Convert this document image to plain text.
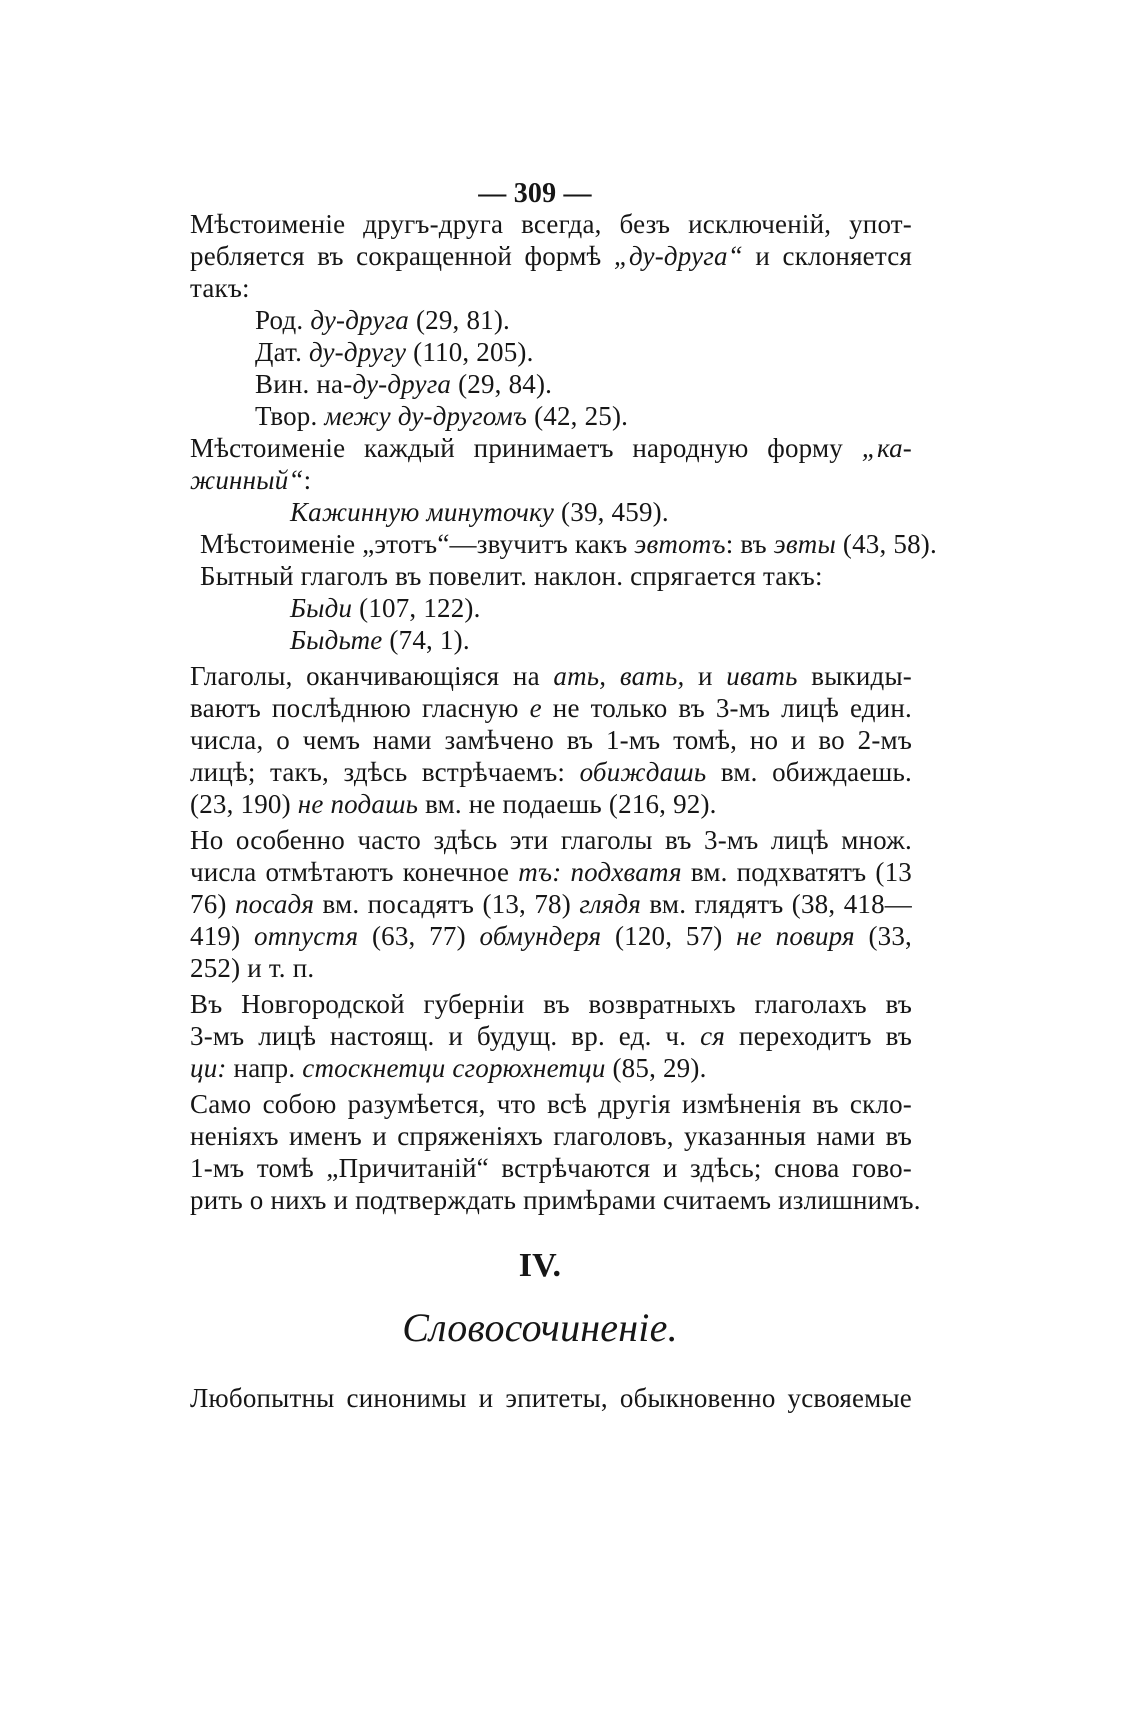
— 309 —
Мѣстоименіе другъ-друга всегда, безъ исключеній, упот-
ребляется въ сокращенной формѣ „ду-друга“ и склоняется
такъ:
Род. ду-друга (29, 81).
Дат. ду-другу (110, 205).
Вин. на-ду-друга (29, 84).
Твор. межу ду-другомъ (42, 25).
Мѣстоименіе каждый принимаетъ народную форму „ка-
жинный“:
Кажинную минуточку (39, 459).
Мѣстоименіе „этотъ“—звучитъ какъ эвтотъ: въ эвты (43, 58).
Бытный глаголъ въ повелит. наклон. спрягается такъ:
Быди (107, 122).
Быдьте (74, 1).
Глаголы, оканчивающіяся на ать, вать, и ивать выкиды-
ваютъ послѣднюю гласную е не только въ 3-мъ лицѣ един.
числа, о чемъ нами замѣчено въ 1-мъ томѣ, но и во 2-мъ
лицѣ; такъ, здѣсь встрѣчаемъ: обиждашь вм. обиждаешь.
(23, 190) не подашь вм. не подаешь (216, 92).
Но особенно часто здѣсь эти глаголы въ 3-мъ лицѣ множ.
числа отмѣтаютъ конечное тъ: подхватя вм. подхватятъ (13
76) посадя вм. посадятъ (13, 78) глядя вм. глядятъ (38, 418—
419) отпустя (63, 77) обмундеря (120, 57) не повиря (33,
252) и т. п.
Въ Новгородской губерніи въ возвратныхъ глаголахъ въ
3-мъ лицѣ настоящ. и будущ. вр. ед. ч. ся переходитъ въ
ци: напр. стоскнетци сгорюхнетци (85, 29).
Само собою разумѣется, что всѣ другія измѣненія въ скло-
неніяхъ именъ и спряженіяхъ глаголовъ, указанныя нами въ
1-мъ томѣ „Причитаній“ встрѣчаются и здѣсь; снова гово-
рить о нихъ и подтверждать примѣрами считаемъ излишнимъ.
IV.
Словосочиненіе.
Любопытны синонимы и эпитеты, обыкновенно усвояемые
